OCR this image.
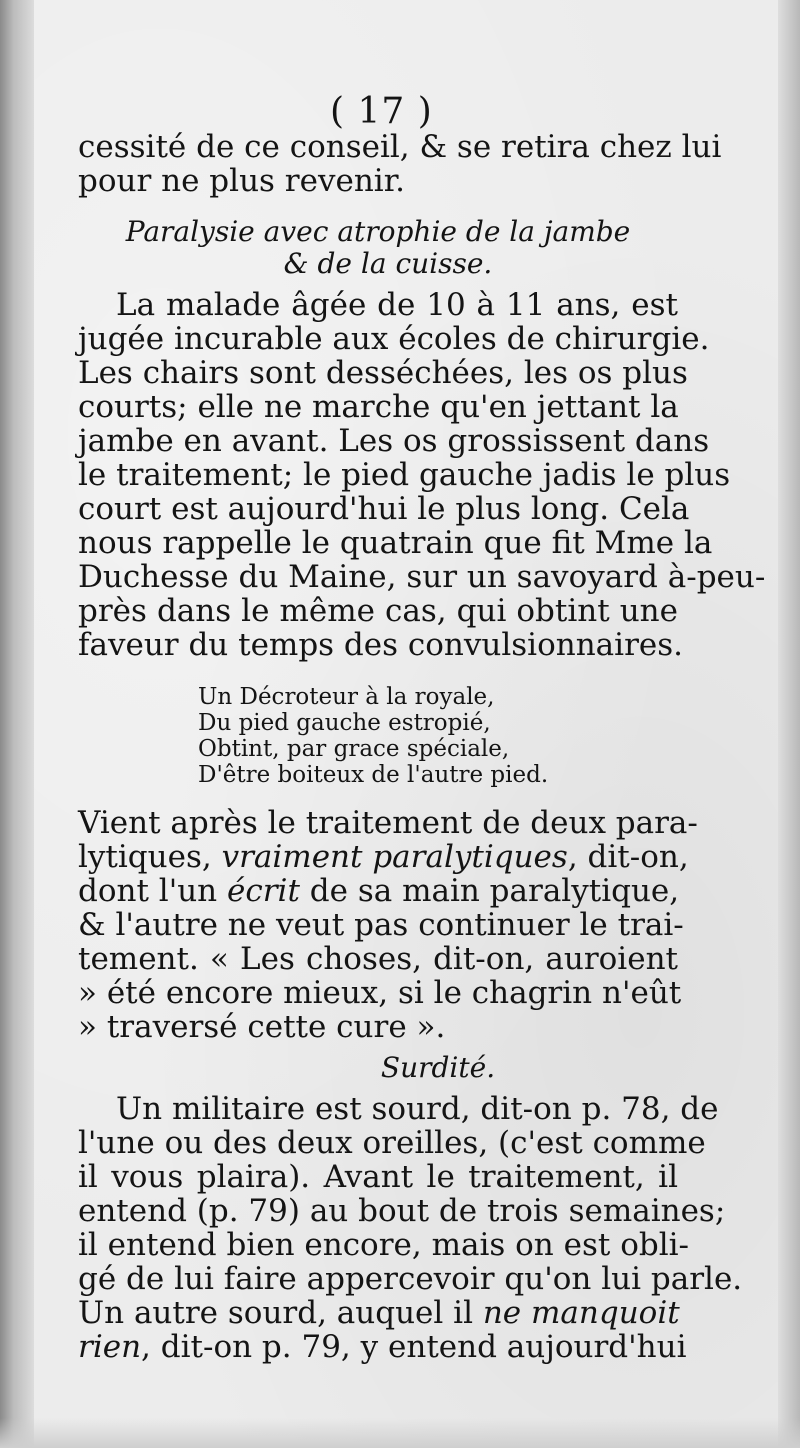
( 17 )
cessité de ce conseil, & se retira chez lui
pour ne plus revenir.
Paralysie avec atrophie de la jambe
& de la cuisse.
La malade âgée de 10 à 11 ans, est
jugée incurable aux écoles de chirurgie.
Les chairs sont desséchées, les os plus
courts; elle ne marche qu'en jettant la
jambe en avant. Les os grossissent dans
le traitement; le pied gauche jadis le plus
court est aujourd'hui le plus long. Cela
nous rappelle le quatrain que fit Mme la
Duchesse du Maine, sur un savoyard à-peu-
près dans le même cas, qui obtint une
faveur du temps des convulsionnaires.
Un Décroteur à la royale,
Du pied gauche estropié,
Obtint, par grace spéciale,
D'être boiteux de l'autre pied.
Vient après le traitement de deux para-
lytiques, vraiment paralytiques, dit-on,
dont l'un écrit de sa main paralytique,
& l'autre ne veut pas continuer le trai-
tement. « Les choses, dit-on, auroient
» été encore mieux, si le chagrin n'eût
» traversé cette cure ».
Surdité.
Un militaire est sourd, dit-on p. 78, de
l'une ou des deux oreilles, (c'est comme
il vous plaira). Avant le traitement, il
entend (p. 79) au bout de trois semaines;
il entend bien encore, mais on est obli-
gé de lui faire appercevoir qu'on lui parle.
Un autre sourd, auquel il ne manquoit
rien, dit-on p. 79, y entend aujourd'hui
